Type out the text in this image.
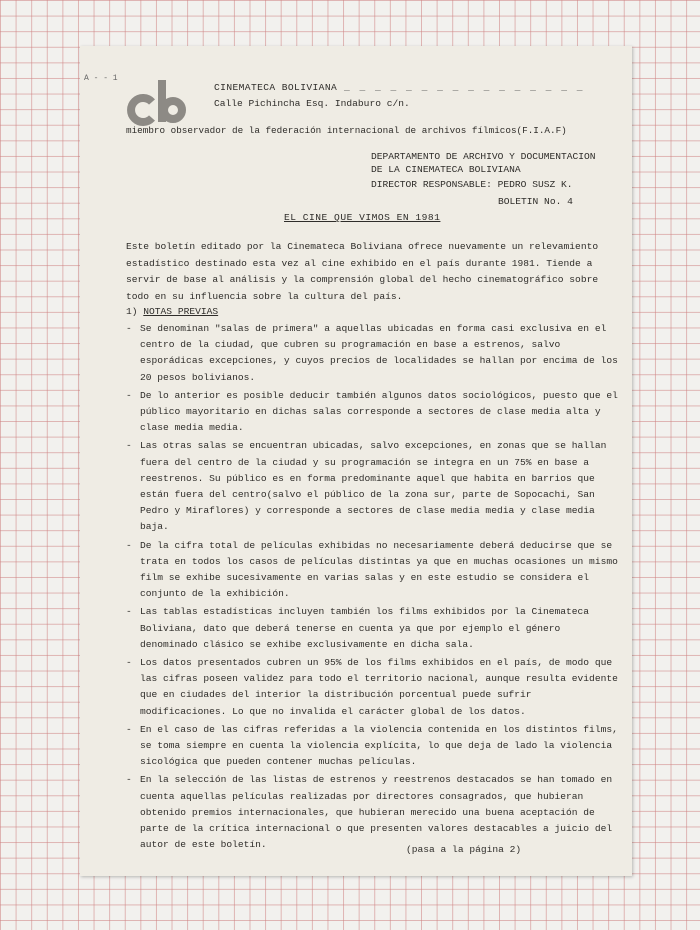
A - - 1
CINEMATECA BOLIVIANA _ _ _ _ _ _ _ _ _ _ _ _ _ _ _ _
Calle Pichincha Esq. Indaburo c/n.
miembro observador de la federación internacional de archivos fílmicos(F.I.A.F)
DEPARTAMENTO DE ARCHIVO Y DOCUMENTACION
DE LA CINEMATECA BOLIVIANA
DIRECTOR RESPONSABLE: PEDRO SUSZ K.
BOLETIN No. 4
EL CINE QUE VIMOS EN 1981
Este boletín editado por la Cinemateca Boliviana ofrece nuevamente un relevamiento estadístico destinado esta vez al cine exhibido en el país durante 1981. Tiende a servir de base al análisis y la comprensión global del hecho cinematográfico sobre todo en su influencia sobre la cultura del país.
1) NOTAS PREVIAS
- Se denominan "salas de primera" a aquellas ubicadas en forma casi exclusiva en el centro de la ciudad, que cubren su programación en base a estrenos, salvo esporádicas excepciones, y cuyos precios de localidades se hallan por encima de los 20 pesos bolivianos.
- De lo anterior es posible deducir también algunos datos sociológicos, puesto que el público mayoritario en dichas salas corresponde a sectores de clase media alta y clase media media.
- Las otras salas se encuentran ubicadas, salvo excepciones, en zonas que se hallan fuera del centro de la ciudad y su programación se integra en un 75% en base a reestrenos. Su público es en forma predominante aquel que habita en barrios que están fuera del centro(salvo el público de la zona sur, parte de Sopocachi, San Pedro y Miraflores) y corresponde a sectores de clase media media y clase media baja.
- De la cifra total de películas exhibidas no necesariamente deberá deducirse que se trata en todos los casos de películas distintas ya que en muchas ocasiones un mismo film se exhibe sucesivamente en varias salas y en este estudio se considera el conjunto de la exhibición.
- Las tablas estadísticas incluyen también los films exhibidos por la Cinemateca Boliviana, dato que deberá tenerse en cuenta ya que por ejemplo el género denominado clásico se exhibe exclusivamente en dicha sala.
- Los datos presentados cubren un 95% de los films exhibidos en el país, de modo que las cifras poseen validez para todo el territorio nacional, aunque resulta evidente que en ciudades del interior la distribución porcentual puede sufrir modificaciones. Lo que no invalida el carácter global de los datos.
- En el caso de las cifras referidas a la violencia contenida en los distintos films, se toma siempre en cuenta la violencia explícita, lo que deja de lado la violencia sicológica que pueden contener muchas películas.
- En la selección de las listas de estrenos y reestrenos destacados se han tomado en cuenta aquellas películas realizadas por directores consagrados, que hubieran obtenido premios internacionales, que hubieran merecido una buena aceptación de parte de la crítica internacional o que presenten valores destacables a juicio del autor de este boletín.	(pasa a la página 2)
